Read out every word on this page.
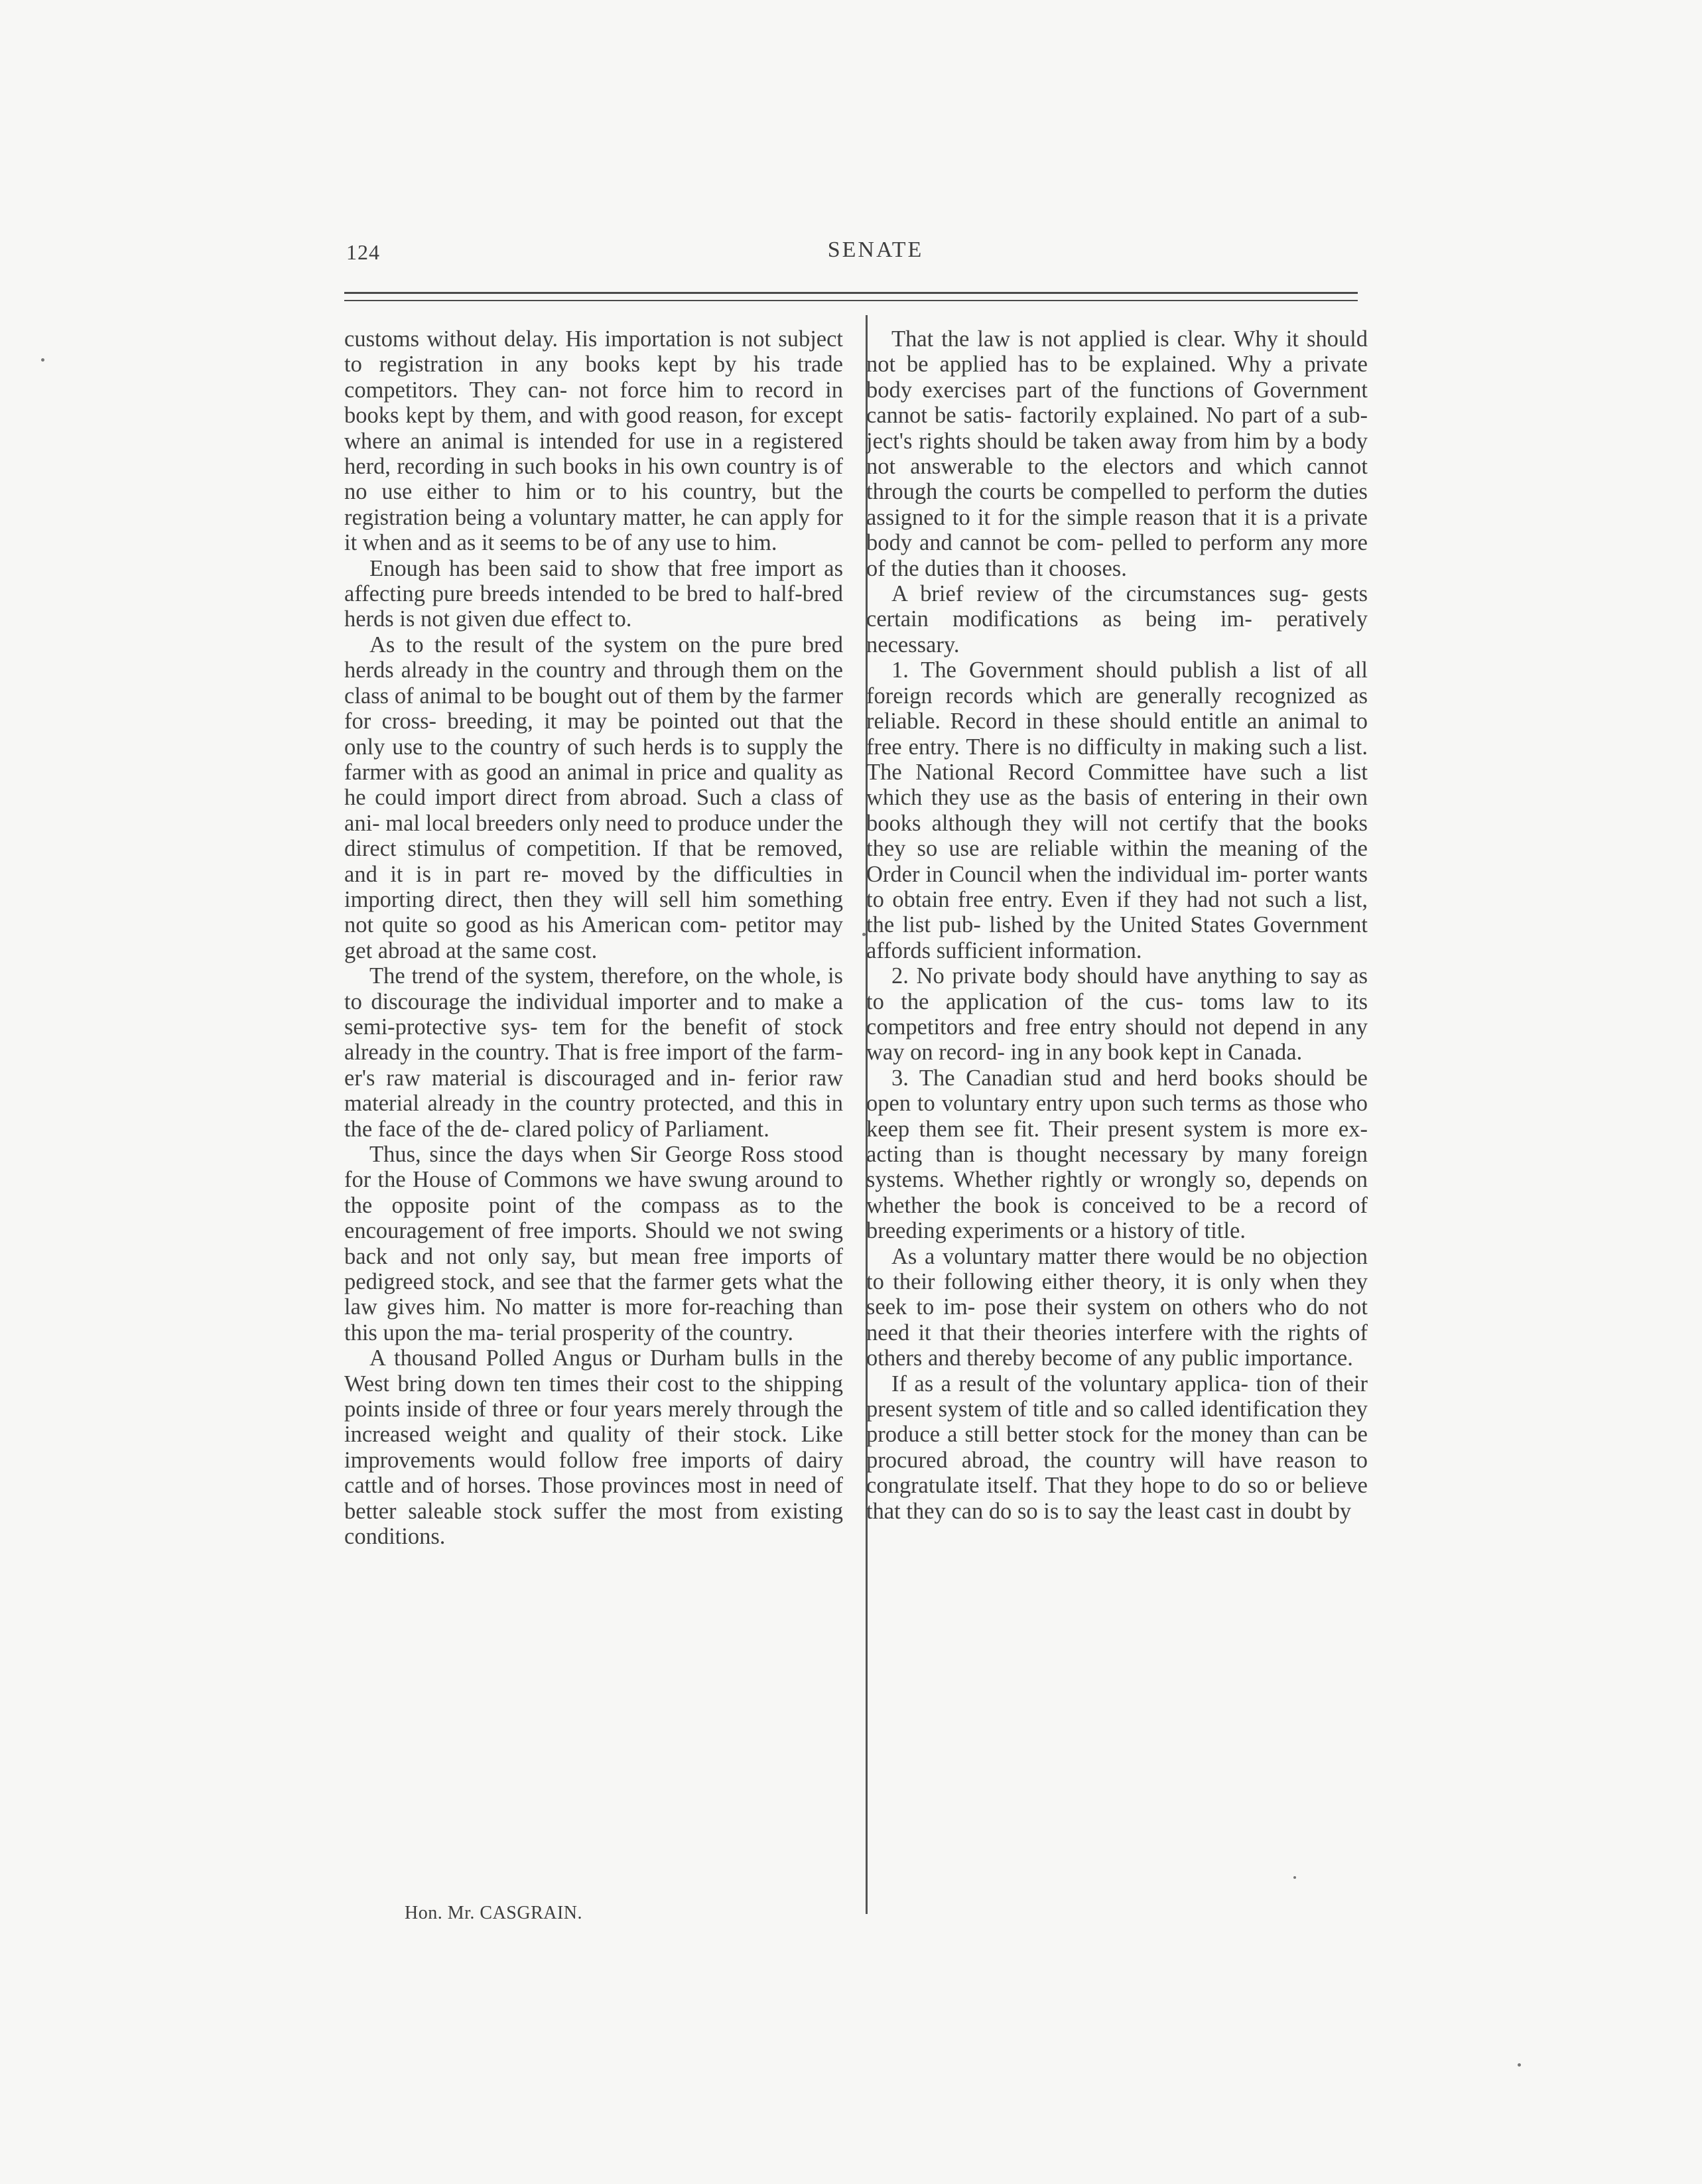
124	SENATE

customs without delay. His importation is not subject to registration in any books kept by his trade competitors. They can- not force him to record in books kept by them, and with good reason, for except where an animal is intended for use in a registered herd, recording in such books in his own country is of no use either to him or to his country, but the registration being a voluntary matter, he can apply for it when and as it seems to be of any use to him.

Enough has been said to show that free import as affecting pure breeds intended to be bred to half-bred herds is not given due effect to.

As to the result of the system on the pure bred herds already in the country and through them on the class of animal to be bought out of them by the farmer for cross- breeding, it may be pointed out that the only use to the country of such herds is to supply the farmer with as good an animal in price and quality as he could import direct from abroad. Such a class of ani- mal local breeders only need to produce under the direct stimulus of competition. If that be removed, and it is in part re- moved by the difficulties in importing direct, then they will sell him something not quite so good as his American com- petitor may get abroad at the same cost.

The trend of the system, therefore, on the whole, is to discourage the individual importer and to make a semi-protective sys- tem for the benefit of stock already in the country. That is free import of the farm- er's raw material is discouraged and in- ferior raw material already in the country protected, and this in the face of the de- clared policy of Parliament.

Thus, since the days when Sir George Ross stood for the House of Commons we have swung around to the opposite point of the compass as to the encouragement of free imports. Should we not swing back and not only say, but mean free imports of pedigreed stock, and see that the farmer gets what the law gives him. No matter is more for-reaching than this upon the ma- terial prosperity of the country.

A thousand Polled Angus or Durham bulls in the West bring down ten times their cost to the shipping points inside of three or four years merely through the increased weight and quality of their stock. Like improvements would follow free imports of dairy cattle and of horses. Those provinces most in need of better saleable stock suffer the most from existing conditions.

That the law is not applied is clear. Why it should not be applied has to be explained. Why a private body exercises part of the functions of Government cannot be satis- factorily explained. No part of a sub- ject's rights should be taken away from him by a body not answerable to the electors and which cannot through the courts be compelled to perform the duties assigned to it for the simple reason that it is a private body and cannot be com- pelled to perform any more of the duties than it chooses.

A brief review of the circumstances sug- gests certain modifications as being im- peratively necessary.

1. The Government should publish a list of all foreign records which are generally recognized as reliable. Record in these should entitle an animal to free entry. There is no difficulty in making such a list. The National Record Committee have such a list which they use as the basis of entering in their own books although they will not certify that the books they so use are reliable within the meaning of the Order in Council when the individual im- porter wants to obtain free entry. Even if they had not such a list, the list pub- lished by the United States Government affords sufficient information.

2. No private body should have anything to say as to the application of the cus- toms law to its competitors and free entry should not depend in any way on record- ing in any book kept in Canada.

3. The Canadian stud and herd books should be open to voluntary entry upon such terms as those who keep them see fit. Their present system is more ex- acting than is thought necessary by many foreign systems. Whether rightly or wrongly so, depends on whether the book is conceived to be a record of breeding experiments or a history of title.

As a voluntary matter there would be no objection to their following either theory, it is only when they seek to im- pose their system on others who do not need it that their theories interfere with the rights of others and thereby become of any public importance.

If as a result of the voluntary applica- tion of their present system of title and so called identification they produce a still better stock for the money than can be procured abroad, the country will have reason to congratulate itself. That they hope to do so or believe that they can do so is to say the least cast in doubt by

Hon. Mr. CASGRAIN.
